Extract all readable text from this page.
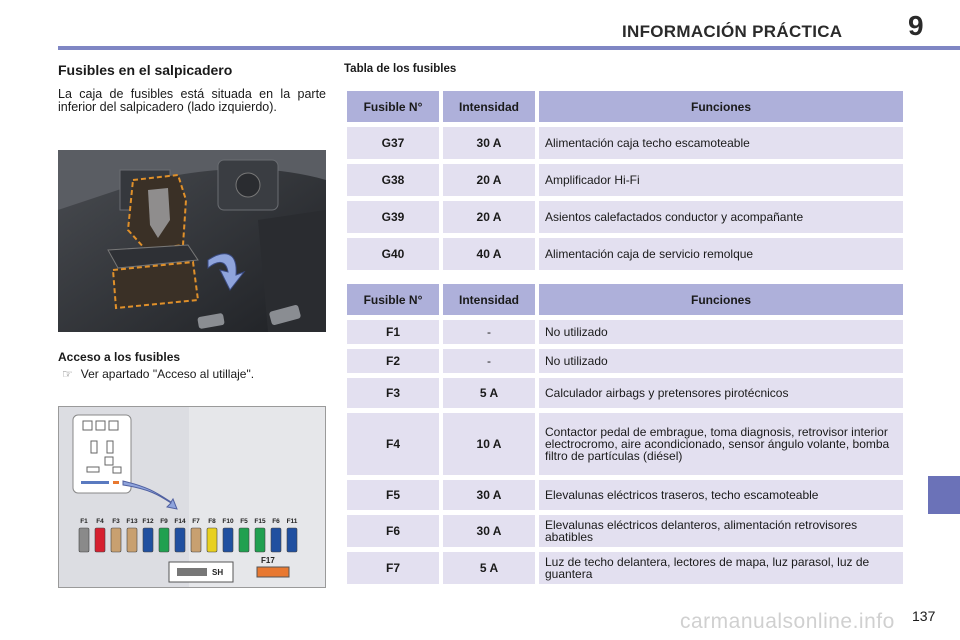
INFORMACIÓN PRÁCTICA 9
Fusibles en el salpicadero
La caja de fusibles está situada en la parte inferior del salpicadero (lado izquierdo).
Acceso a los fusibles
☞ Ver apartado "Acceso al utillaje".
F1 F4 F3 F13 F12 F9 F14 F7 F8 F10 F5 F15 F6 F11
SH
F17
Tabla de los fusibles
Fusible N°	Intensidad	Funciones

G37	30 A	Alimentación caja techo escamoteable

G38	20 A	Amplificador Hi-Fi

G39	20 A	Asientos calefactados conductor y acompañante

G40	40 A	Alimentación caja de servicio remolque
Fusible N°	Intensidad	Funciones

F1	-	No utilizado

F2	-	No utilizado

F3	5 A	Calculador airbags y pretensores pirotécnicos

F4	10 A	Contactor pedal de embrague, toma diagnosis, retrovisor interior electrocromo, aire acondicionado, sensor ángulo volante, bomba filtro de partículas (diésel)

F5	30 A	Elevalunas eléctricos traseros, techo escamoteable

F6	30 A	Elevalunas eléctricos delanteros, alimentación retrovisores abatibles

F7	5 A	Luz de techo delantera, lectores de mapa, luz parasol, luz de guantera
carmanualsonline.info 137
